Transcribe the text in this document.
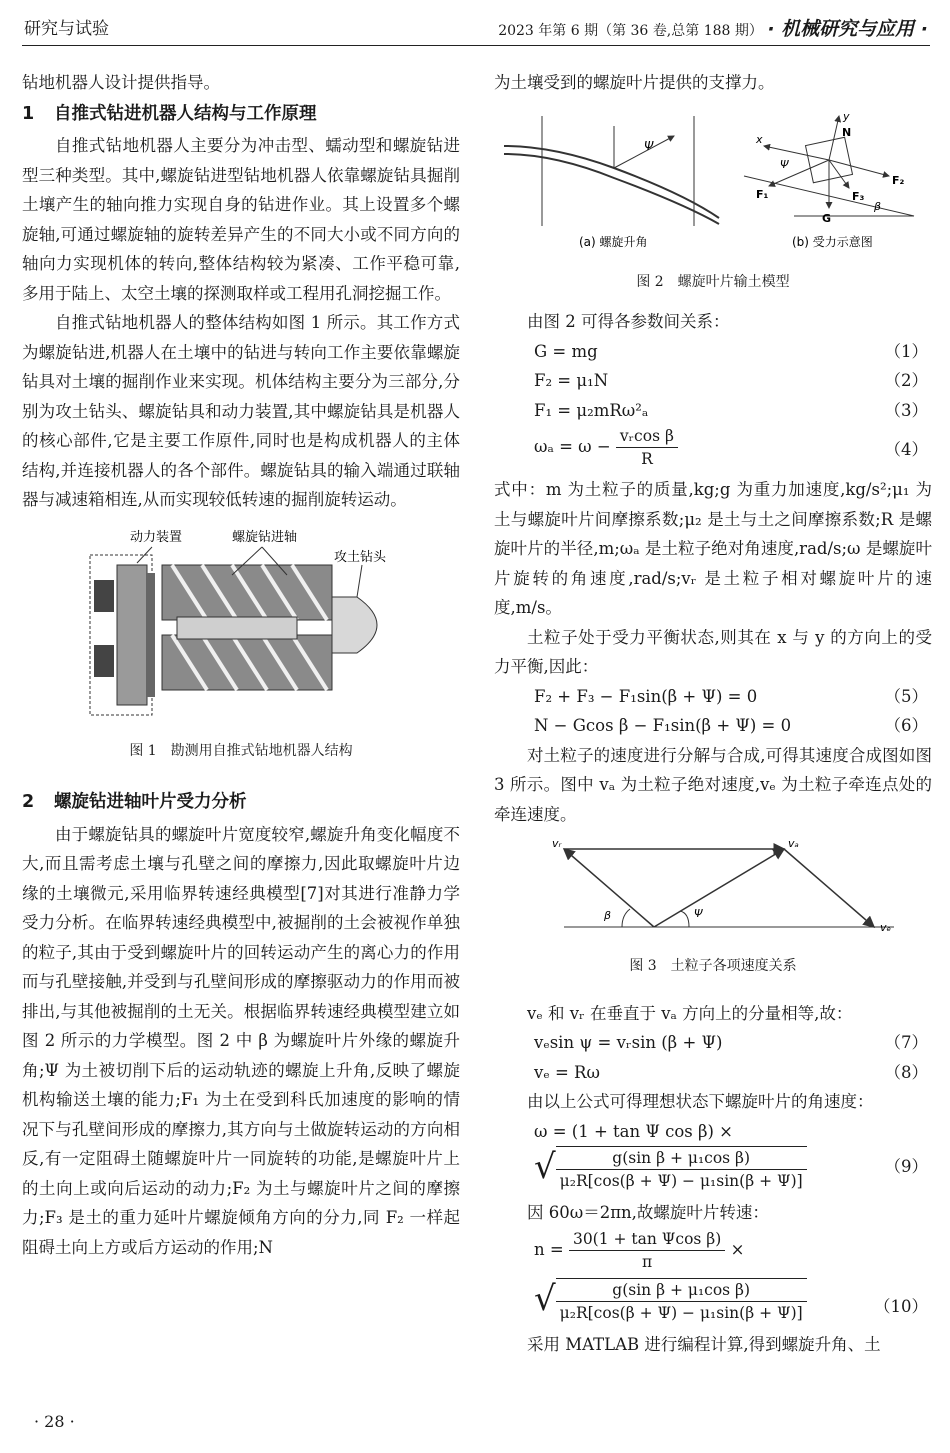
研究与试验	2023 年第 6 期（第 36 卷,总第 188 期） · 机械研究与应用 ·

钻地机器人设计提供指导。

1 自推式钻进机器人结构与工作原理

自推式钻地机器人主要分为冲击型、蠕动型和螺旋钻进型三种类型。其中,螺旋钻进型钻地机器人依靠螺旋钻具掘削土壤产生的轴向推力实现自身的钻进作业。其上设置多个螺旋轴,可通过螺旋轴的旋转差异产生的不同大小或不同方向的轴向力实现机体的转向,整体结构较为紧凑、工作平稳可靠,多用于陆上、太空土壤的探测取样或工程用孔洞挖掘工作。

自推式钻地机器人的整体结构如图 1 所示。其工作方式为螺旋钻进,机器人在土壤中的钻进与转向工作主要依靠螺旋钻具对土壤的掘削作业来实现。机体结构主要分为三部分,分别为攻土钻头、螺旋钻具和动力装置,其中螺旋钻具是机器人的核心部件,它是主要工作原件,同时也是构成机器人的主体结构,并连接机器人的各个部件。螺旋钻具的输入端通过联轴器与减速箱相连,从而实现较低转速的掘削旋转运动。

动力装置	螺旋钻进轴
攻土钻头
图 1　勘测用自推式钻地机器人结构
2 螺旋钻进轴叶片受力分析

由于螺旋钻具的螺旋叶片宽度较窄,螺旋升角变化幅度不大,而且需考虑土壤与孔壁之间的摩擦力,因此取螺旋叶片边缘的土壤微元,采用临界转速经典模型[7]对其进行准静力学受力分析。在临界转速经典模型中,被掘削的土会被视作单独的粒子,其由于受到螺旋叶片的回转运动产生的离心力的作用而与孔壁接触,并受到与孔壁间形成的摩擦驱动力的作用而被排出,与其他被掘削的土无关。根据临界转速经典模型建立如图 2 所示的力学模型。图 2 中 β 为螺旋叶片外缘的螺旋升角;Ψ 为土被切削下后的运动轨迹的螺旋上升角,反映了螺旋机构输送土壤的能力;F₁ 为土在受到科氏加速度的影响的情况下与孔壁间形成的摩擦力,其方向与土做旋转运动的方向相反,有一定阻碍土随螺旋叶片一同旋转的功能,是螺旋叶片上的土向上或向后运动的动力;F₂ 为土与螺旋叶片之间的摩擦力;F₃ 是土的重力延叶片螺旋倾角方向的分力,同 F₂ 一样起阻碍土向上方或后方运动的作用;N

为土壤受到的螺旋叶片提供的支撑力。

Ψ
(a) 螺旋升角
y
x
N
F₁
F₂
F₃
G
β
Ψ
(b) 受力示意图
图 2　螺旋叶片输土模型

由图 2 可得各参数间关系：

G = mg	（1）
F₂ = μ₁N	（2）
F₁ = μ₂mRω²ₐ	（3）
$\omega_a = \omega - \frac{\text{vᵣcos β}}{R}$	（4）

式中：m 为土粒子的质量,kg;g 为重力加速度,kg/s²;μ₁ 为土与螺旋叶片间摩擦系数;μ₂ 是土与土之间摩擦系数;R 是螺旋叶片的半径,m;ωₐ 是土粒子绝对角速度,rad/s;ω 是螺旋叶片旋转的角速度,rad/s;vᵣ 是土粒子相对螺旋叶片的速度,m/s。

土粒子处于受力平衡状态,则其在 x 与 y 的方向上的受力平衡,因此：

F₂ + F₃ − F₁sin(β + Ψ) = 0	（5）
N − Gcos β − F₁sin(β + Ψ) = 0	（6）

对土粒子的速度进行分解与合成,可得其速度合成图如图 3 所示。图中 vₐ 为土粒子绝对速度,vₑ 为土粒子牵连点处的牵连速度。

vᵣ	vₐ
vₑ
β	Ψ
图 3　土粒子各项速度关系

vₑ 和 vᵣ 在垂直于 vₐ 方向上的分量相等,故：

vₑsin ψ = vᵣsin (β + Ψ)	（7）
vₑ = Rω	（8）

由以上公式可得理想状态下螺旋叶片的角速度：

ω = (1 + tan Ψ cos β) ×
√ $\frac{\text{g(sin β + μ₁cos β)}}{\text{μ₂R[cos(β + Ψ) − μ₁sin(β + Ψ)]}}$	（9）

因 60ω＝2πn,故螺旋叶片转速：

$n = \frac{\text{30(1 + tan Ψcos β)}}{\pi}$ ×
√ $\frac{\text{g(sin β + μ₁cos β)}}{\text{μ₂R[cos(β + Ψ) − μ₁sin(β + Ψ)]}}$	（10）

采用 MATLAB 进行编程计算,得到螺旋升角、土

· 28 ·
